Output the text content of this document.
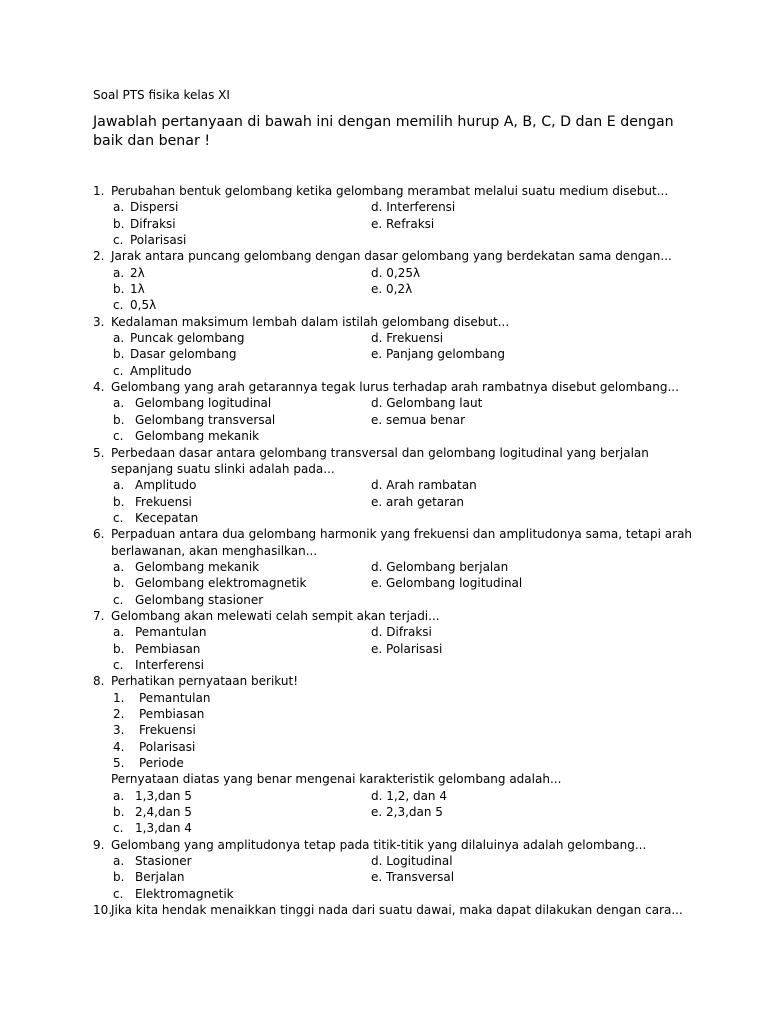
Soal PTS fisika kelas XI
Jawablah pertanyaan di bawah ini dengan memilih hurup A, B, C, D dan E dengan baik dan benar !
1. Perubahan bentuk gelombang ketika gelombang merambat melalui suatu medium disebut...
a. Dispersi	d. Interferensi
b. Difraksi	e. Refraksi
c. Polarisasi
2. Jarak antara puncang gelombang dengan dasar gelombang yang berdekatan sama dengan...
a. 2λ	d. 0,25λ
b. 1λ	e. 0,2λ
c. 0,5λ
3. Kedalaman maksimum lembah dalam istilah gelombang disebut...
a. Puncak gelombang	d. Frekuensi
b. Dasar gelombang	e. Panjang gelombang
c. Amplitudo
4. Gelombang yang arah getarannya tegak lurus terhadap arah rambatnya disebut gelombang...
a. Gelombang logitudinal	d. Gelombang laut
b. Gelombang transversal	e. semua benar
c. Gelombang mekanik
5. Perbedaan dasar antara gelombang transversal dan gelombang logitudinal yang berjalan
sepanjang suatu slinki adalah pada...
a. Amplitudo	d. Arah rambatan
b. Frekuensi	e. arah getaran
c. Kecepatan
6. Perpaduan antara dua gelombang harmonik yang frekuensi dan amplitudonya sama, tetapi arah
berlawanan, akan menghasilkan...
a. Gelombang mekanik	d. Gelombang berjalan
b. Gelombang elektromagnetik	e. Gelombang logitudinal
c. Gelombang stasioner
7. Gelombang akan melewati celah sempit akan terjadi...
a. Pemantulan	d. Difraksi
b. Pembiasan	e. Polarisasi
c. Interferensi
8. Perhatikan pernyataan berikut!
1. Pemantulan
2. Pembiasan
3. Frekuensi
4. Polarisasi
5. Periode
Pernyataan diatas yang benar mengenai karakteristik gelombang adalah...
a. 1,3,dan 5	d. 1,2, dan 4
b. 2,4,dan 5	e. 2,3,dan 5
c. 1,3,dan 4
9. Gelombang yang amplitudonya tetap pada titik-titik yang dilaluinya adalah gelombang...
a. Stasioner	d. Logitudinal
b. Berjalan	e. Transversal
c. Elektromagnetik
10.
Jika kita hendak menaikkan tinggi nada dari suatu dawai, maka dapat dilakukan dengan cara...
